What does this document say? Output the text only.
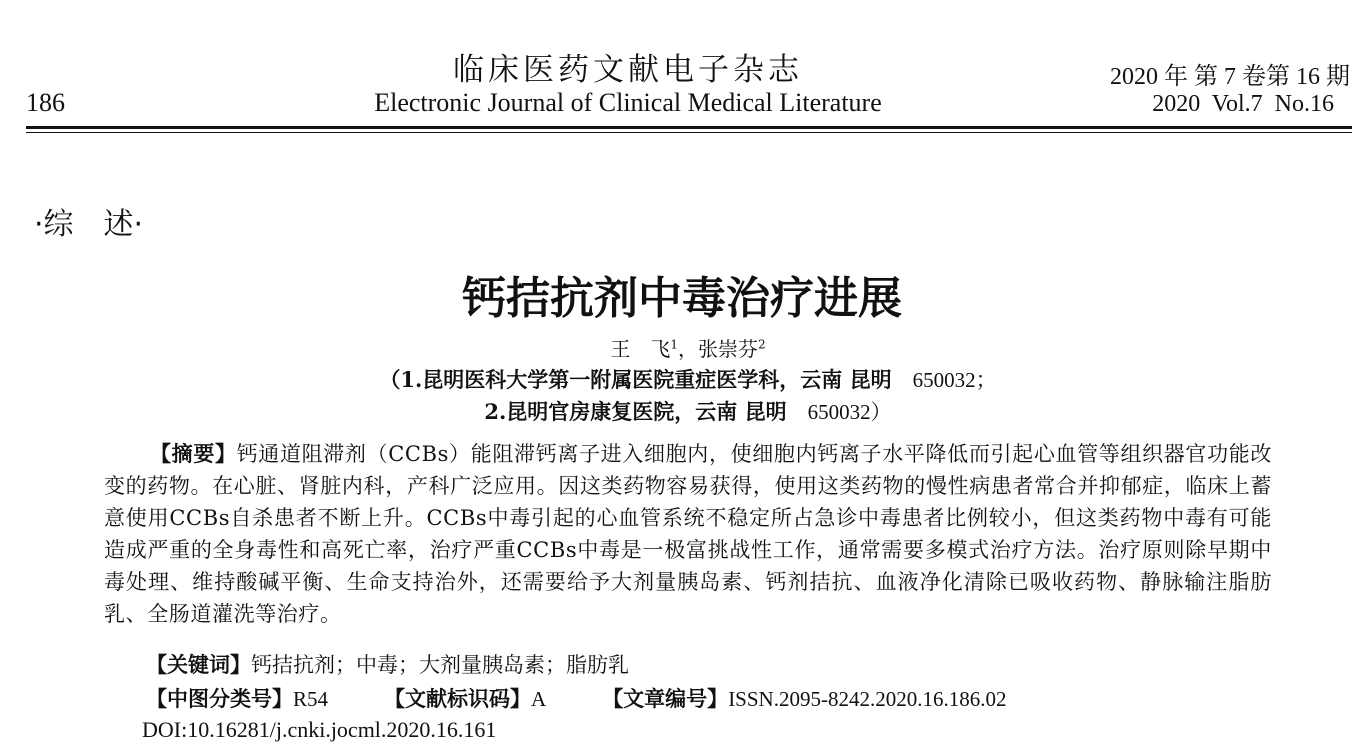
临床医药文献电子杂志
Electronic Journal of Clinical Medical Literature
186
2020 年 第 7 卷第 16 期
2020 Vol.7 No.16
·综　述·
钙拮抗剂中毒治疗进展
王　飞$^1$，张崇芬$^2$
（1.昆明医科大学第一附属医院重症医学科，云南 昆明　650032；
2.昆明官房康复医院，云南 昆明　650032）
【摘要】钙通道阻滞剂（CCBs）能阻滞钙离子进入细胞内，使细胞内钙离子水平降低而引起心血管等组织器官功能改变的药物。在心脏、肾脏内科，产科广泛应用。因这类药物容易获得，使用这类药物的慢性病患者常合并抑郁症，临床上蓄意使用CCBs自杀患者不断上升。CCBs中毒引起的心血管系统不稳定所占急诊中毒患者比例较小，但这类药物中毒有可能造成严重的全身毒性和高死亡率，治疗严重CCBs中毒是一极富挑战性工作，通常需要多模式治疗方法。治疗原则除早期中毒处理、维持酸碱平衡、生命支持治外，还需要给予大剂量胰岛素、钙剂拮抗、血液净化清除已吸收药物、静脉输注脂肪乳、全肠道灌洗等治疗。
【关键词】钙拮抗剂；中毒；大剂量胰岛素；脂肪乳
【中图分类号】R54	【文献标识码】A	【文章编号】ISSN.2095-8242.2020.16.186.02
DOI:10.16281/j.cnki.jocml.2020.16.161
